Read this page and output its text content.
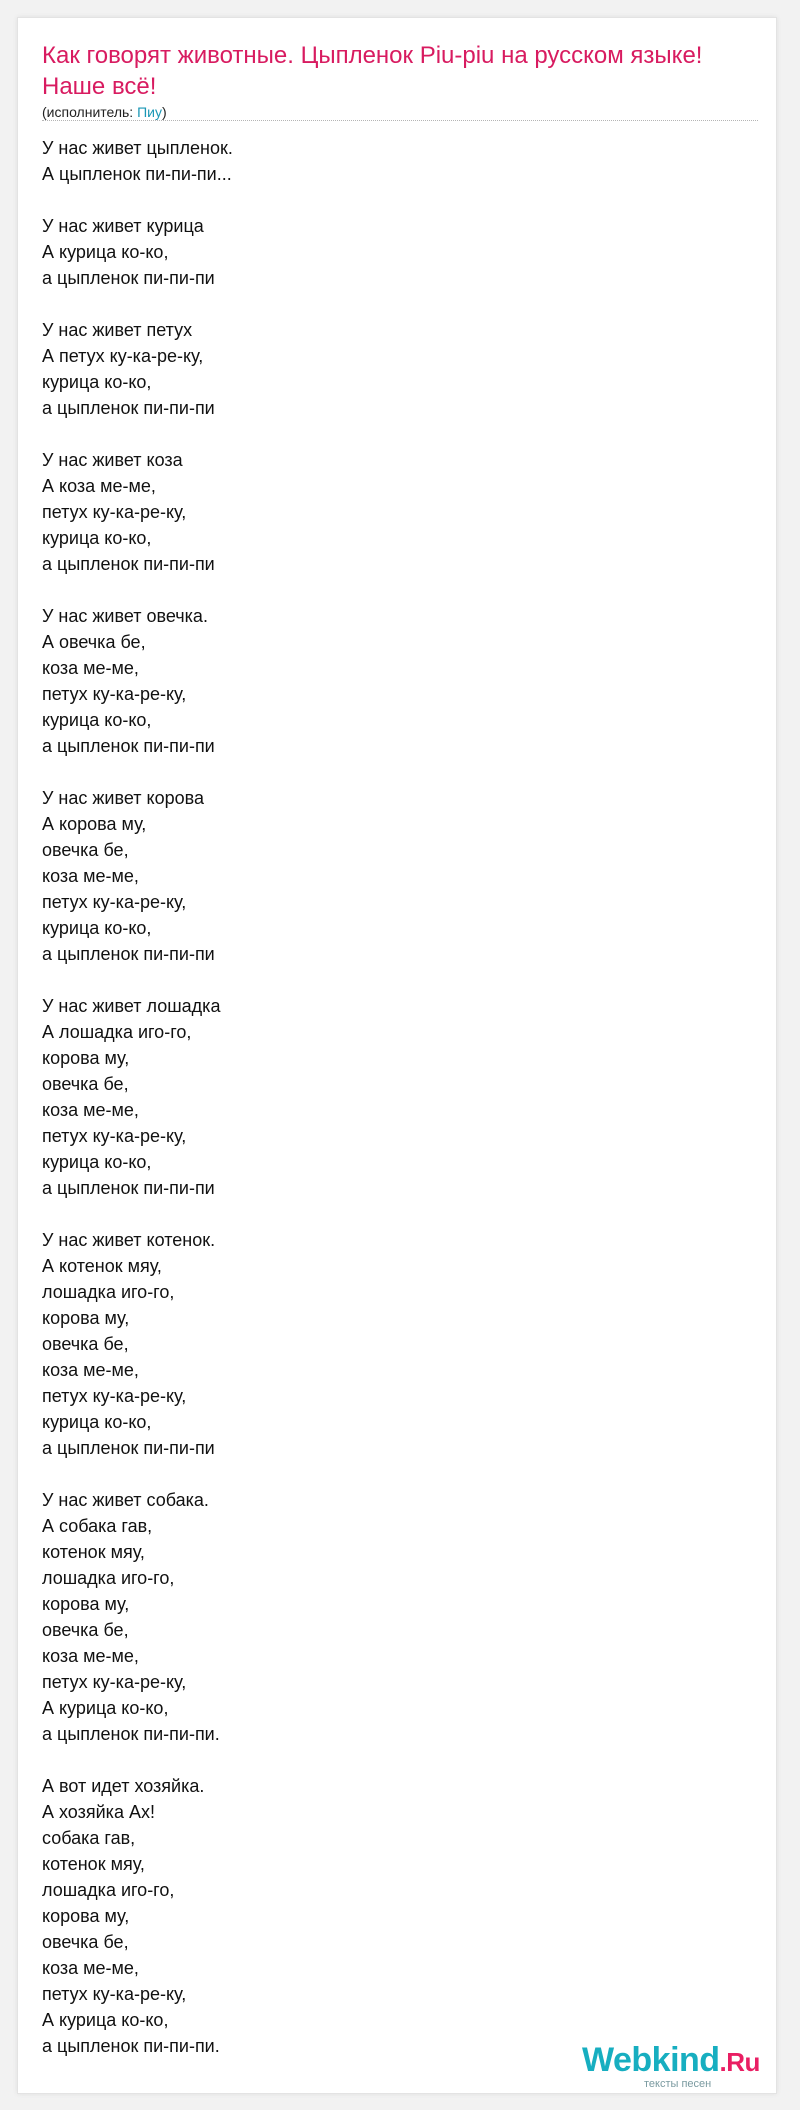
Как говорят животные. Цыпленок Piu-piu на русском языке! Наше всё!
(исполнитель: Пиу)
У нас живет цыпленок.
А цыпленок пи-пи-пи...
У нас живет курица
А курица ко-ко,
а цыпленок пи-пи-пи
У нас живет петух
А петух ку-ка-ре-ку,
курица ко-ко,
а цыпленок пи-пи-пи
У нас живет коза
А коза ме-ме,
петух ку-ка-ре-ку,
курица ко-ко,
а цыпленок пи-пи-пи
У нас живет овечка.
А овечка бе,
коза ме-ме,
петух ку-ка-ре-ку,
курица ко-ко,
а цыпленок пи-пи-пи
У нас живет корова
А корова му,
овечка бе,
коза ме-ме,
петух ку-ка-ре-ку,
курица ко-ко,
а цыпленок пи-пи-пи
У нас живет лошадка
А лошадка иго-го,
корова му,
овечка бе,
коза ме-ме,
петух ку-ка-ре-ку,
курица ко-ко,
а цыпленок пи-пи-пи
У нас живет котенок.
А котенок мяу,
лошадка иго-го,
корова му,
овечка бе,
коза ме-ме,
петух ку-ка-ре-ку,
курица ко-ко,
а цыпленок пи-пи-пи
У нас живет собака.
А собака гав,
котенок мяу,
лошадка иго-го,
корова му,
овечка бе,
коза ме-ме,
петух ку-ка-ре-ку,
А курица ко-ко,
а цыпленок пи-пи-пи.
А вот идет хозяйка.
А хозяйка Ах!
собака гав,
котенок мяу,
лошадка иго-го,
корова му,
овечка бе,
коза ме-ме,
петух ку-ка-ре-ку,
А курица ко-ко,
а цыпленок пи-пи-пи.	Webkind.Ru
тексты песен
